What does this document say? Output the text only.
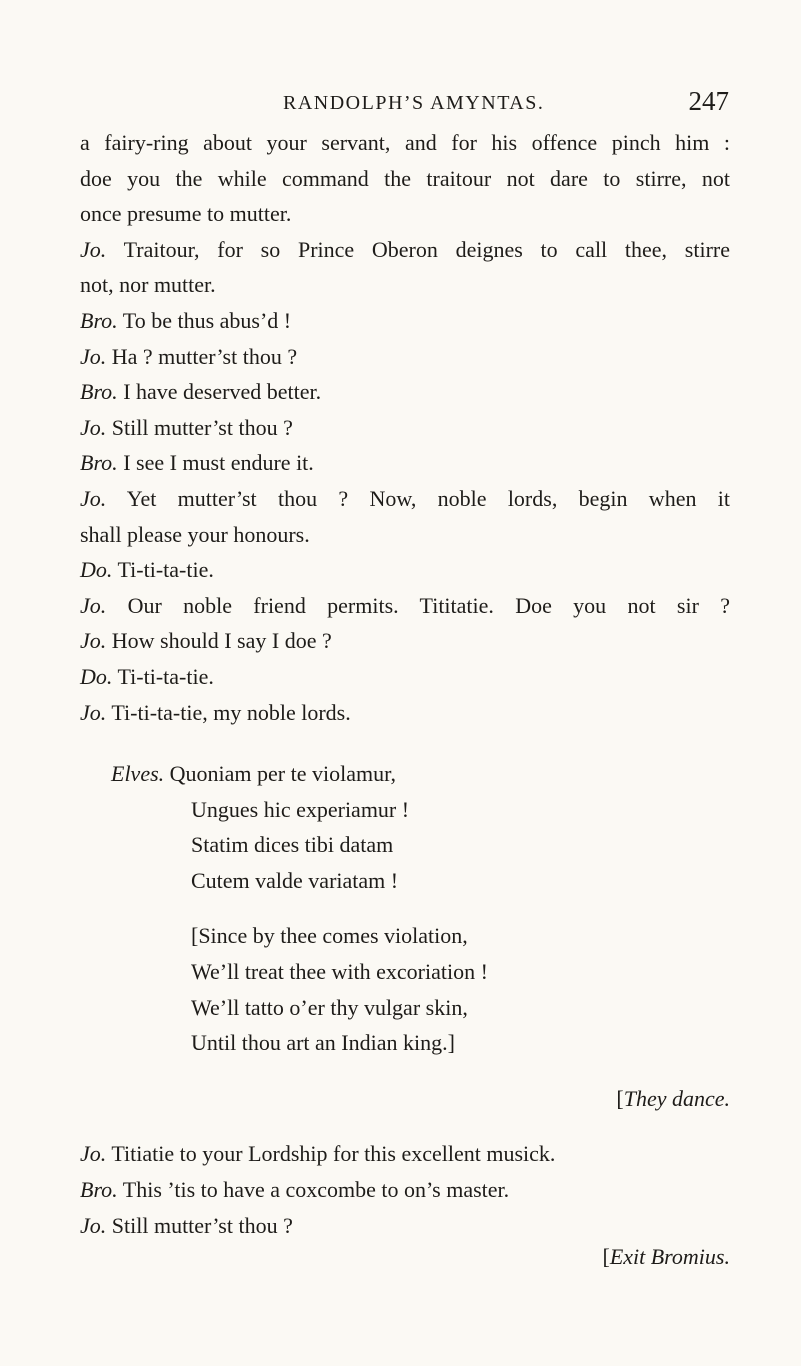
RANDOLPH’S AMYNTAS.	247
a fairy-ring about your servant, and for his offence pinch him :
doe you the while command the traitour not dare to stirre, not
once presume to mutter.
Jo. Traitour, for so Prince Oberon deignes to call thee, stirre
not, nor mutter.
Bro. To be thus abus’d !
Jo. Ha ? mutter’st thou ?
Bro. I have deserved better.
Jo. Still mutter’st thou ?
Bro. I see I must endure it.
Jo. Yet mutter’st thou ? Now, noble lords, begin when it
shall please your honours.
Do. Ti-ti-ta-tie.
Jo. Our noble friend permits. Tititatie. Doe you not sir ?
Jo. How should I say I doe ?
Do. Ti-ti-ta-tie.
Jo. Ti-ti-ta-tie, my noble lords.
Elves. Quoniam per te violamur,
Ungues hic experiamur !
Statim dices tibi datam
Cutem valde variatam !
[Since by thee comes violation,
We’ll treat thee with excoriation !
We’ll tatto o’er thy vulgar skin,
Until thou art an Indian king.]
[They dance.
Jo. Titiatie to your Lordship for this excellent musick.
Bro. This ’tis to have a coxcombe to on’s master.
Jo. Still mutter’st thou ?
[Exit Bromius.
